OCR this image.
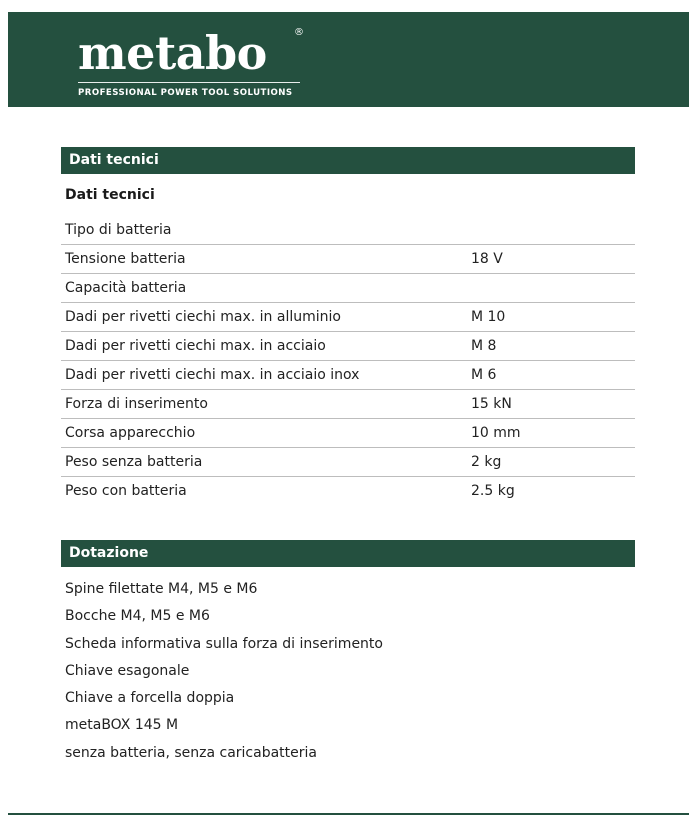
metabo	®
PROFESSIONAL POWER TOOL SOLUTIONS
Dati tecnici
Dati tecnici
Tipo di batteria
Tensione batteria	18 V
Capacità batteria
Dadi per rivetti ciechi max. in alluminio	M 10
Dadi per rivetti ciechi max. in acciaio	M 8
Dadi per rivetti ciechi max. in acciaio inox	M 6
Forza di inserimento	15 kN
Corsa apparecchio	10 mm
Peso senza batteria	2 kg
Peso con batteria	2.5 kg
Dotazione
Spine filettate M4, M5 e M6
Bocche M4, M5 e M6
Scheda informativa sulla forza di inserimento
Chiave esagonale
Chiave a forcella doppia
metaBOX 145 M
senza batteria, senza caricabatteria
